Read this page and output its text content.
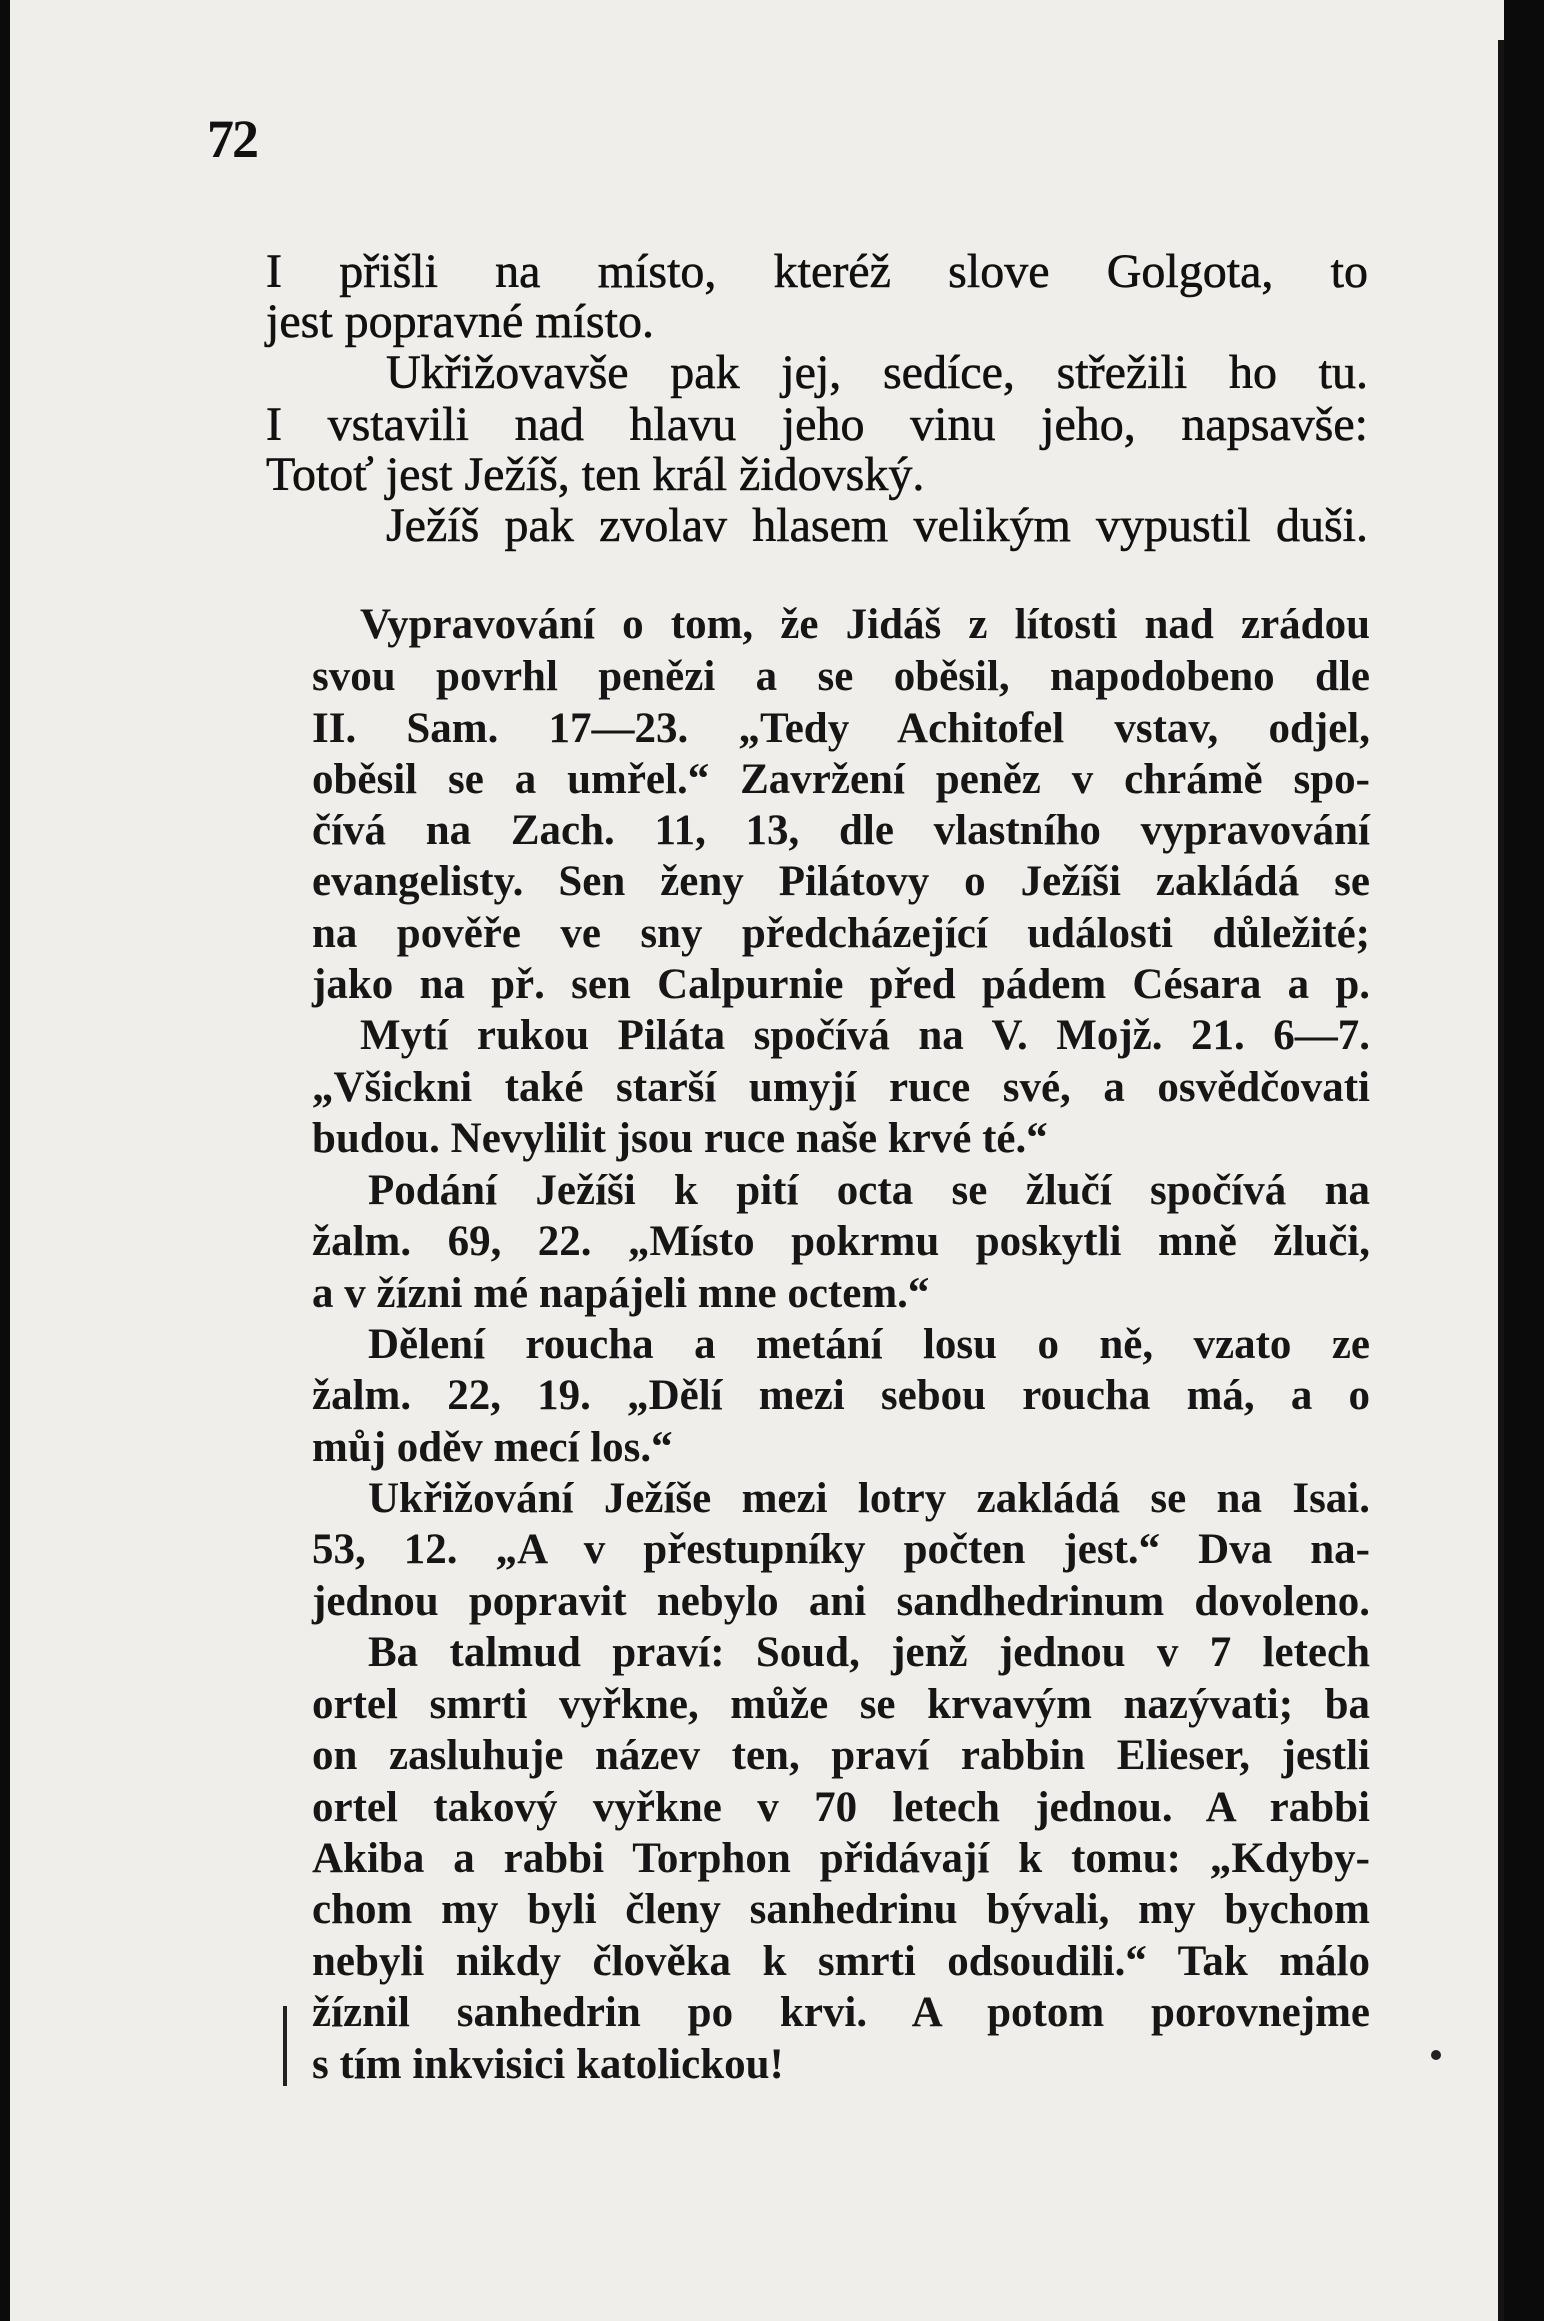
72
I přišli na místo, kteréž slove Golgota, to
jest popravné místo.
Ukřižovavše pak jej, sedíce, střežili ho tu.
I vstavili nad hlavu jeho vinu jeho, napsavše:
Totoť jest Ježíš, ten král židovský.
Ježíš pak zvolav hlasem velikým vypustil duši.
Vypravování o tom, že Jidáš z lítosti nad zrádou
svou povrhl penězi a se oběsil, napodobeno dle
II. Sam. 17—23. „Tedy Achitofel vstav, odjel,
oběsil se a umřel.“ Zavržení peněz v chrámě spo-
čívá na Zach. 11, 13, dle vlastního vypravování
evangelisty. Sen ženy Pilátovy o Ježíši zakládá se
na pověře ve sny předcházející události důležité;
jako na př. sen Calpurnie před pádem Césara a p.
Mytí rukou Piláta spočívá na V. Mojž. 21. 6—7.
„Všickni také starší umyjí ruce své, a osvědčovati
budou. Nevylilit jsou ruce naše krvé té.“
Podání Ježíši k pití octa se žlučí spočívá na
žalm. 69, 22. „Místo pokrmu poskytli mně žluči,
a v žízni mé napájeli mne octem.“
Dělení roucha a metání losu o ně, vzato ze
žalm. 22, 19. „Dělí mezi sebou roucha má, a o
můj oděv mecí los.“
Ukřižování Ježíše mezi lotry zakládá se na Isai.
53, 12. „A v přestupníky počten jest.“ Dva na-
jednou popravit nebylo ani sandhedrinum dovoleno.
Ba talmud praví: Soud, jenž jednou v 7 letech
ortel smrti vyřkne, může se krvavým nazývati; ba
on zasluhuje název ten, praví rabbin Elieser, jestli
ortel takový vyřkne v 70 letech jednou. A rabbi
Akiba a rabbi Torphon přidávají k tomu: „Kdyby-
chom my byli členy sanhedrinu bývali, my bychom
nebyli nikdy člověka k smrti odsoudili.“ Tak málo
žíznil sanhedrin po krvi. A potom porovnejme
s tím inkvisici katolickou!
